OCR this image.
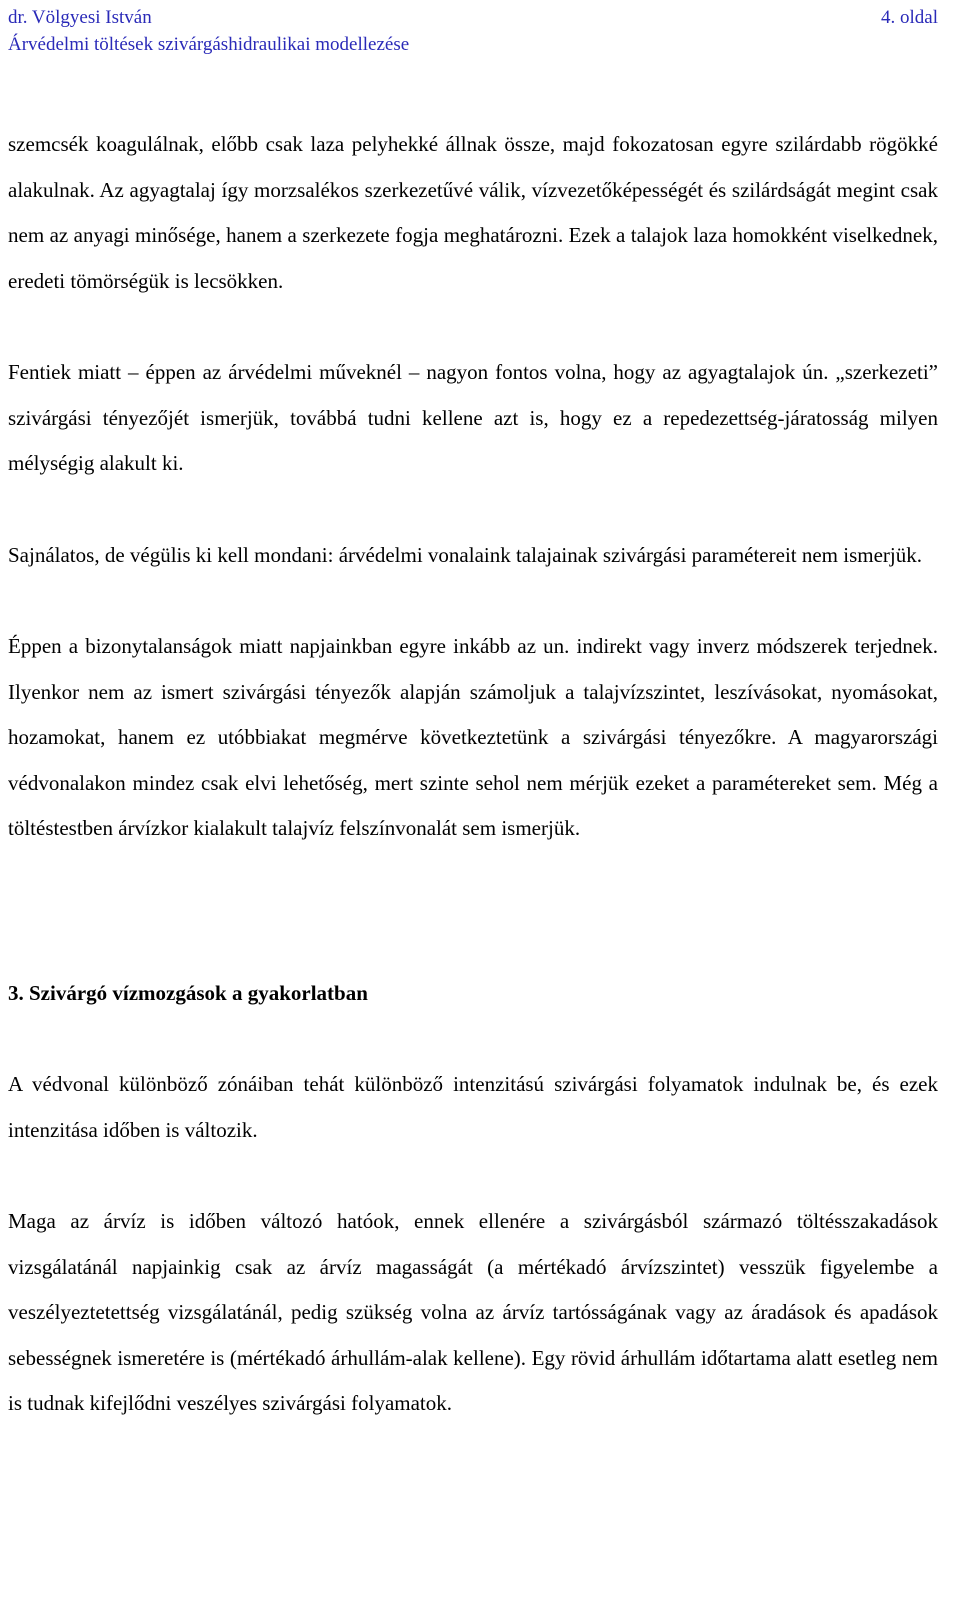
dr. Völgyesi István	4. oldal
Árvédelmi töltések szivárgáshidraulikai modellezése

szemcsék koagulálnak, előbb csak laza pelyhekké állnak össze, majd fokozatosan egyre szilárdabb rögökké alakulnak. Az agyagtalaj így morzsalékos szerkezetűvé válik, vízvezetőképességét és szilárdságát megint csak nem az anyagi minősége, hanem a szerkezete fogja meghatározni. Ezek a talajok laza homokként viselkednek, eredeti tömörségük is lecsökken.

Fentiek miatt – éppen az árvédelmi műveknél – nagyon fontos volna, hogy az agyagtalajok ún. „szerkezeti” szivárgási tényezőjét ismerjük, továbbá tudni kellene azt is, hogy ez a repedezettség-járatosság milyen mélységig alakult ki.

Sajnálatos, de végülis ki kell mondani: árvédelmi vonalaink talajainak szivárgási paramétereit nem ismerjük.

Éppen a bizonytalanságok miatt napjainkban egyre inkább az un. indirekt vagy inverz módszerek terjednek. Ilyenkor nem az ismert szivárgási tényezők alapján számoljuk a talajvízszintet, leszívásokat, nyomásokat, hozamokat, hanem ez utóbbiakat megmérve következtetünk a szivárgási tényezőkre. A magyarországi védvonalakon mindez csak elvi lehetőség, mert szinte sehol nem mérjük ezeket a paramétereket sem. Még a töltéstestben árvízkor kialakult talajvíz felszínvonalát sem ismerjük.

3. Szivárgó vízmozgások a gyakorlatban

A védvonal különböző zónáiban tehát különböző intenzitású szivárgási folyamatok indulnak be, és ezek intenzitása időben is változik.

Maga az árvíz is időben változó hatóok, ennek ellenére a szivárgásból származó töltésszakadások vizsgálatánál napjainkig csak az árvíz magasságát (a mértékadó árvízszintet) vesszük figyelembe a veszélyeztetettség vizsgálatánál, pedig szükség volna az árvíz tartósságának vagy az áradások és apadások sebességnek ismeretére is (mértékadó árhullám-alak kellene). Egy rövid árhullám időtartama alatt esetleg nem is tudnak kifejlődni veszélyes szivárgási folyamatok.
